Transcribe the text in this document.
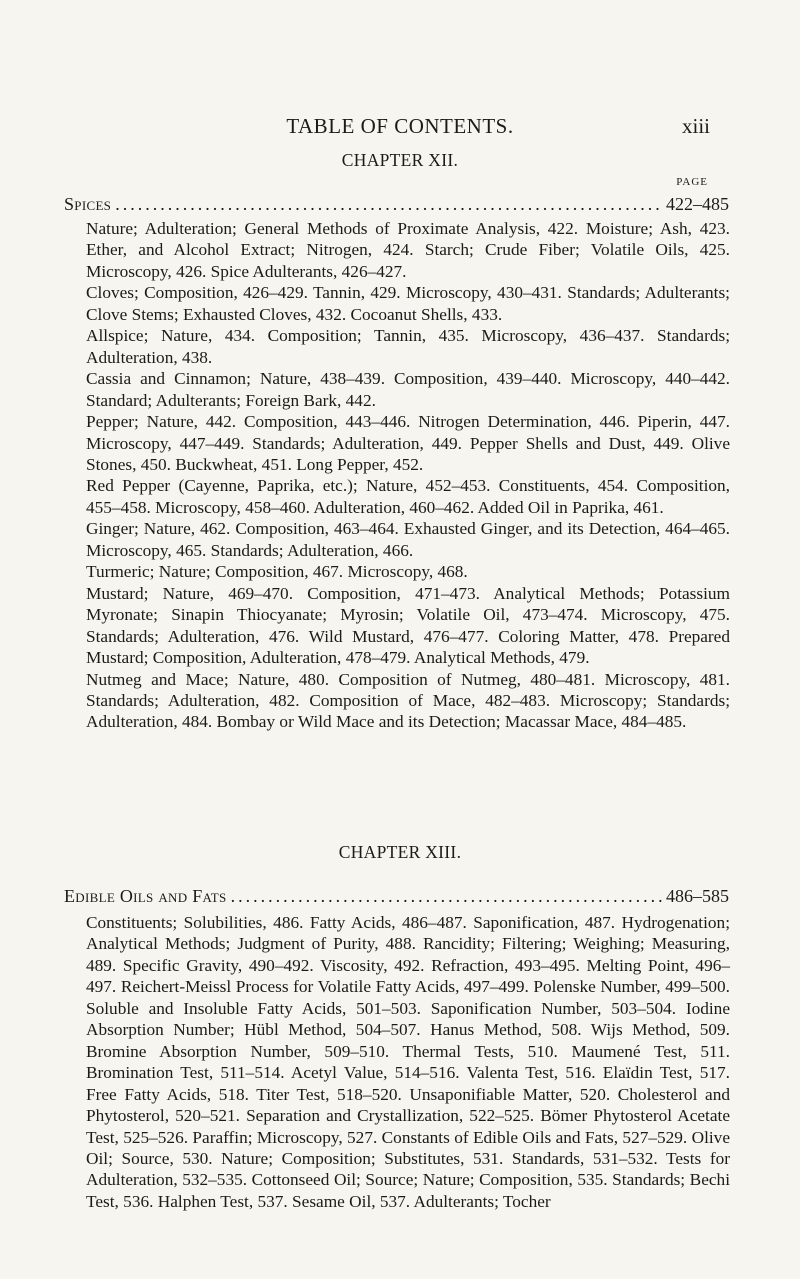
TABLE OF CONTENTS.	xiii
CHAPTER XII.
PAGE
Spices .....	422–485

Nature; Adulteration; General Methods of Proximate Analysis, 422. Moisture; Ash, 423. Ether, and Alcohol Extract; Nitrogen, 424. Starch; Crude Fiber; Volatile Oils, 425. Microscopy, 426. Spice Adulterants, 426–427.

Cloves; Composition, 426–429. Tannin, 429. Microscopy, 430–431. Standards; Adulterants; Clove Stems; Exhausted Cloves, 432. Cocoanut Shells, 433.

Allspice; Nature, 434. Composition; Tannin, 435. Microscopy, 436–437. Standards; Adulteration, 438.

Cassia and Cinnamon; Nature, 438–439. Composition, 439–440. Microscopy, 440–442. Standard; Adulterants; Foreign Bark, 442.

Pepper; Nature, 442. Composition, 443–446. Nitrogen Determination, 446. Piperin, 447. Microscopy, 447–449. Standards; Adulteration, 449. Pepper Shells and Dust, 449. Olive Stones, 450. Buckwheat, 451. Long Pepper, 452.

Red Pepper (Cayenne, Paprika, etc.); Nature, 452–453. Constituents, 454. Composition, 455–458. Microscopy, 458–460. Adulteration, 460–462. Added Oil in Paprika, 461.

Ginger; Nature, 462. Composition, 463–464. Exhausted Ginger, and its Detection, 464–465. Microscopy, 465. Standards; Adulteration, 466.

Turmeric; Nature; Composition, 467. Microscopy, 468.

Mustard; Nature, 469–470. Composition, 471–473. Analytical Methods; Potassium Myronate; Sinapin Thiocyanate; Myrosin; Volatile Oil, 473–474. Microscopy, 475. Standards; Adulteration, 476. Wild Mustard, 476–477. Coloring Matter, 478. Prepared Mustard; Composition, Adulteration, 478–479. Analytical Methods, 479.

Nutmeg and Mace; Nature, 480. Composition of Nutmeg, 480–481. Microscopy, 481. Standards; Adulteration, 482. Composition of Mace, 482–483. Microscopy; Standards; Adulteration, 484. Bombay or Wild Mace and its Detection; Macassar Mace, 484–485.

CHAPTER XIII.
Edible Oils and Fats .....	486–585

Constituents; Solubilities, 486. Fatty Acids, 486–487. Saponification, 487. Hydrogenation; Analytical Methods; Judgment of Purity, 488. Rancidity; Filtering; Weighing; Measuring, 489. Specific Gravity, 490–492. Viscosity, 492. Refraction, 493–495. Melting Point, 496–497. Reichert-Meissl Process for Volatile Fatty Acids, 497–499. Polenske Number, 499–500. Soluble and Insoluble Fatty Acids, 501–503. Saponification Number, 503–504. Iodine Absorption Number; Hübl Method, 504–507. Hanus Method, 508. Wijs Method, 509. Bromine Absorption Number, 509–510. Thermal Tests, 510. Maumené Test, 511. Bromination Test, 511–514. Acetyl Value, 514–516. Valenta Test, 516. Elaïdin Test, 517. Free Fatty Acids, 518. Titer Test, 518–520. Unsaponifiable Matter, 520. Cholesterol and Phytosterol, 520–521. Separation and Crystallization, 522–525. Bömer Phytosterol Acetate Test, 525–526. Paraffin; Microscopy, 527. Constants of Edible Oils and Fats, 527–529. Olive Oil; Source, 530. Nature; Composition; Substitutes, 531. Standards, 531–532. Tests for Adulteration, 532–535. Cottonseed Oil; Source; Nature; Composition, 535. Standards; Bechi Test, 536. Halphen Test, 537. Sesame Oil, 537. Adulterants; Tocher
